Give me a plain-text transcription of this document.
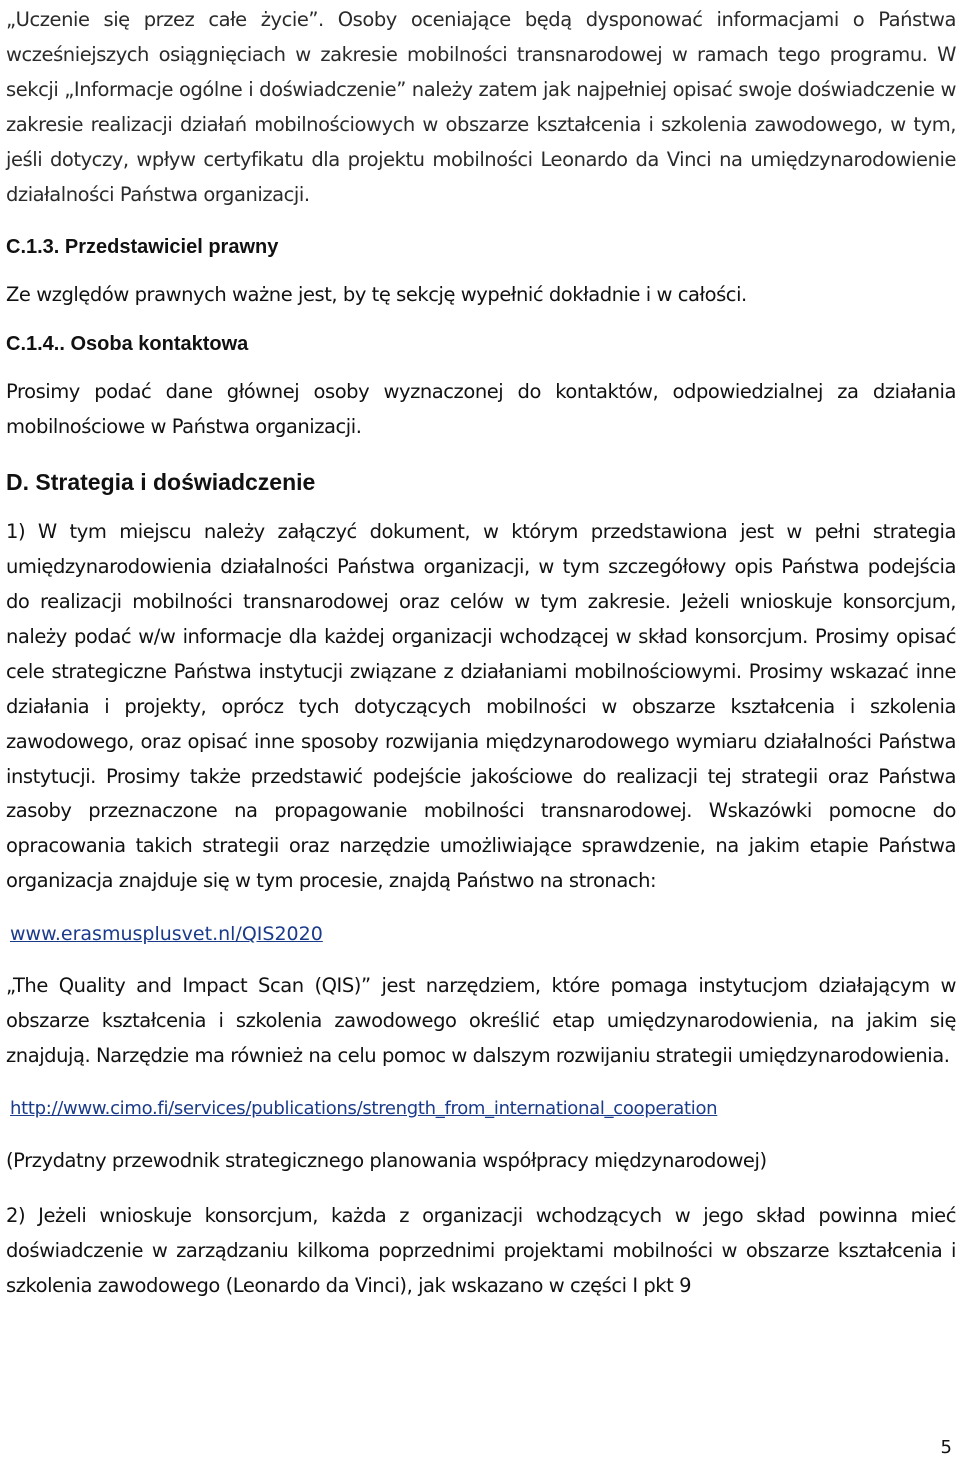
„Uczenie się przez całe życie”. Osoby oceniające będą dysponować informacjami o Państwa wcześniejszych osiągnięciach w zakresie mobilności transnarodowej w ramach tego programu. W sekcji „Informacje ogólne i doświadczenie” należy zatem jak najpełniej opisać swoje doświadczenie w zakresie realizacji działań mobilnościowych w obszarze kształcenia i szkolenia zawodowego, w tym, jeśli dotyczy, wpływ certyfikatu dla projektu mobilności Leonardo da Vinci na umiędzynarodowienie działalności Państwa organizacji.

C.1.3. Przedstawiciel prawny

Ze względów prawnych ważne jest, by tę sekcję wypełnić dokładnie i w całości.

C.1.4.. Osoba kontaktowa

Prosimy podać dane głównej osoby wyznaczonej do kontaktów, odpowiedzialnej za działania mobilnościowe w Państwa organizacji.

D. Strategia i doświadczenie

1) W tym miejscu należy załączyć dokument, w którym przedstawiona jest w pełni strategia umiędzynarodowienia działalności Państwa organizacji, w tym szczegółowy opis Państwa podejścia do realizacji mobilności transnarodowej oraz celów w tym zakresie. Jeżeli wnioskuje konsorcjum, należy podać w/w informacje dla każdej organizacji wchodzącej w skład konsorcjum. Prosimy opisać cele strategiczne Państwa instytucji związane z działaniami mobilnościowymi. Prosimy wskazać inne działania i projekty, oprócz tych dotyczących mobilności w obszarze kształcenia i szkolenia zawodowego, oraz opisać inne sposoby rozwijania międzynarodowego wymiaru działalności Państwa instytucji. Prosimy także przedstawić podejście jakościowe do realizacji tej strategii oraz Państwa zasoby przeznaczone na propagowanie mobilności transnarodowej. Wskazówki pomocne do opracowania takich strategii oraz narzędzie umożliwiające sprawdzenie, na jakim etapie Państwa organizacja znajduje się w tym procesie, znajdą Państwo na stronach:

www.erasmusplusvet.nl/QIS2020

„The Quality and Impact Scan (QIS)” jest narzędziem, które pomaga instytucjom działającym w obszarze kształcenia i szkolenia zawodowego określić etap umiędzynarodowienia, na jakim się znajdują. Narzędzie ma również na celu pomoc w dalszym rozwijaniu strategii umiędzynarodowienia.

http://www.cimo.fi/services/publications/strength_from_international_cooperation

(Przydatny przewodnik strategicznego planowania współpracy międzynarodowej)

2) Jeżeli wnioskuje konsorcjum, każda z organizacji wchodzących w jego skład powinna mieć doświadczenie w zarządzaniu kilkoma poprzednimi projektami mobilności w obszarze kształcenia i szkolenia zawodowego (Leonardo da Vinci), jak wskazano w części I pkt 9

5
